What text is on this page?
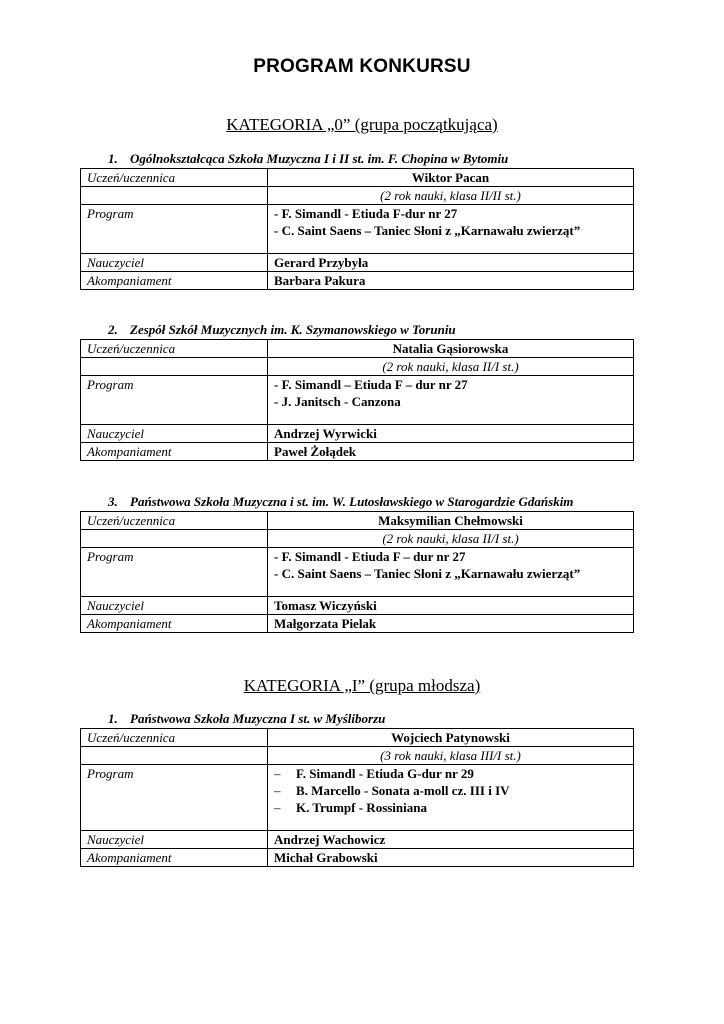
PROGRAM KONKURSU
KATEGORIA „0” (grupa początkująca)
1. Ogólnokształcąca Szkoła Muzyczna I i II st. im. F. Chopina w Bytomiu
Uczeń/uczennica	Wiktor Pacan
	(2 rok nauki, klasa II/II st.)
Program	- F. Simandl - Etiuda F-dur nr 27
- C. Saint Saens – Taniec Słoni z „Karnawału zwierząt”

Nauczyciel	Gerard Przybyła
Akompaniament	Barbara Pakura
2. Zespół Szkół Muzycznych im. K. Szymanowskiego w Toruniu
Uczeń/uczennica	Natalia Gąsiorowska
	(2 rok nauki, klasa II/I st.)
Program	- F. Simandl – Etiuda F – dur nr 27
- J. Janitsch - Canzona

Nauczyciel	Andrzej Wyrwicki
Akompaniament	Paweł Żołądek
3. Państwowa Szkoła Muzyczna i st. im. W. Lutosławskiego w Starogardzie Gdańskim
Uczeń/uczennica	Maksymilian Chełmowski
	(2 rok nauki, klasa II/I st.)
Program	- F. Simandl - Etiuda F – dur nr 27
- C. Saint Saens – Taniec Słoni z „Karnawału zwierząt”

Nauczyciel	Tomasz Wiczyński
Akompaniament	Małgorzata Pielak
KATEGORIA „I” (grupa młodsza)
1. Państwowa Szkoła Muzyczna I st. w Myśliborzu
Uczeń/uczennica	Wojciech Patynowski
	(3 rok nauki, klasa III/I st.)
Program	– F. Simandl - Etiuda G-dur nr 29
– B. Marcello - Sonata a-moll cz. III i IV
– K. Trumpf - Rossiniana

Nauczyciel	Andrzej Wachowicz
Akompaniament	Michał Grabowski
